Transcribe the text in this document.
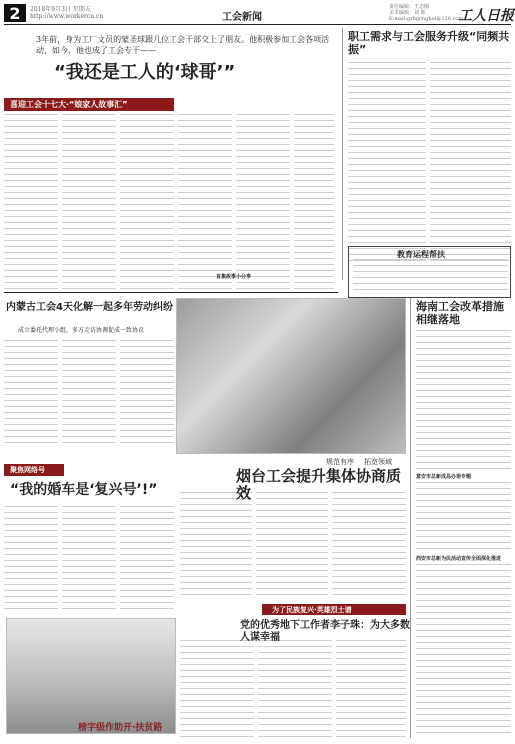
2 2018年9月3日 星期五
http://www.workercn.cn	工会新闻
责任编辑：王志刚
美术编辑：刘 晖
E-mail:grbgonghui@126.com
工人日报
3年前，身为工厂文员的蒙圣球跟几位工会干部交上了朋友。他积极参加工会各项活动，如今，他也成了工会专干——
“我还是工人的‘球哥’”
喜迎工会十七大·“娘家人故事汇”
职工需求与工会服务升级“同频共振”
教育运程帮扶
内蒙古工会4天化解一起多年劳动纠纷
成立委托代理小组，多方走访协调促成一致协议
规范有序 拓宽领域
海南工会改革措施相继落地
意安市总新成岛办语专题
西安市总新为民活动宣传全面深化推进
聚焦网络号
“我的婚车是‘复兴号’!”
烟台工会提升集体协商质效
为了民族复兴·英雄烈士谱
党的优秀地下工作者李子珠：为大多数人谋幸福
榜字级作助开·扶贫路
首集故事小分享
